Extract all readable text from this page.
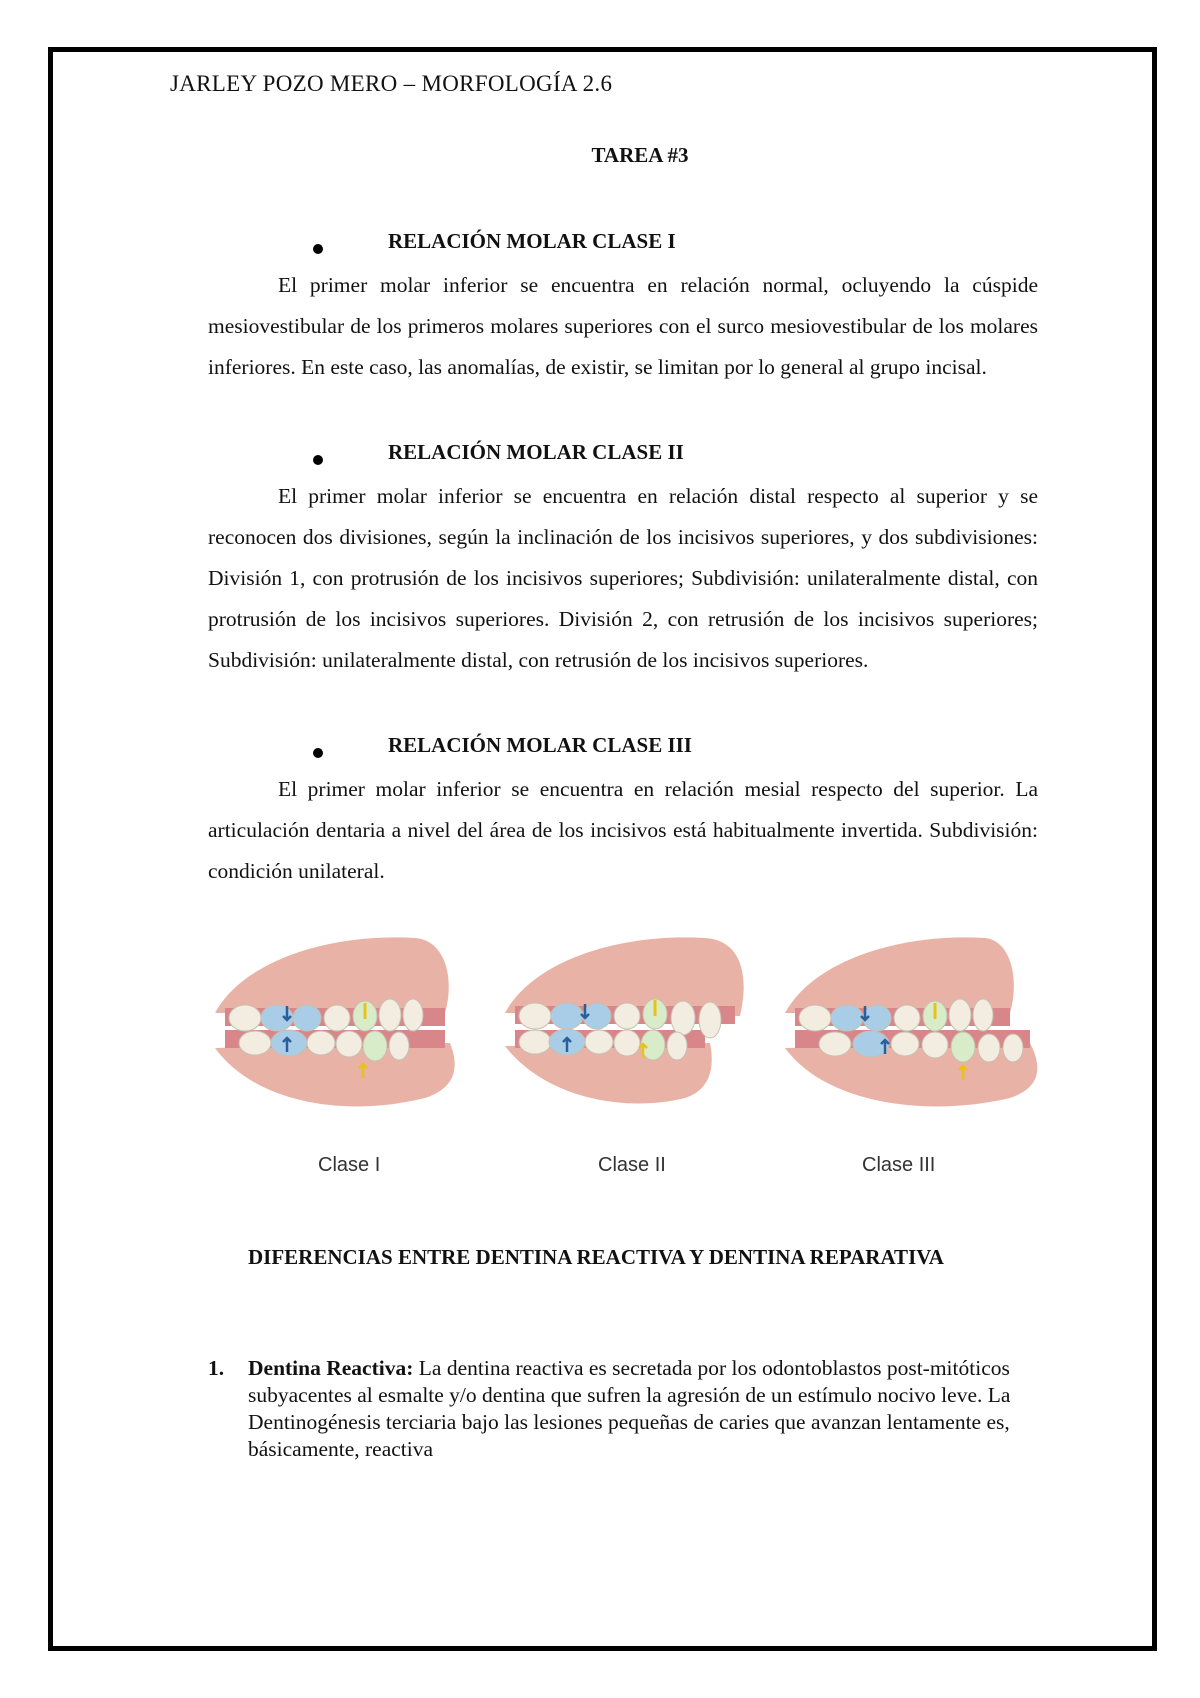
JARLEY POZO MERO – MORFOLOGÍA 2.6
TAREA #3
RELACIÓN MOLAR CLASE I
El primer molar inferior se encuentra en relación normal, ocluyendo la cúspide mesiovestibular de los primeros molares superiores con el surco mesiovestibular de los molares inferiores. En este caso, las anomalías, de existir, se limitan por lo general al grupo incisal.
RELACIÓN MOLAR CLASE II
El primer molar inferior se encuentra en relación distal respecto al superior y se reconocen dos divisiones, según la inclinación de los incisivos superiores, y dos subdivisiones: División 1, con protrusión de los incisivos superiores; Subdivisión: unilateralmente distal, con protrusión de los incisivos superiores. División 2, con retrusión de los incisivos superiores; Subdivisión: unilateralmente distal, con retrusión de los incisivos superiores.
RELACIÓN MOLAR CLASE III
El primer molar inferior se encuentra en relación mesial respecto del superior. La articulación dentaria a nivel del área de los incisivos está habitualmente invertida. Subdivisión: condición unilateral.
Clase I	Clase II	Clase III
DIFERENCIAS ENTRE DENTINA REACTIVA Y DENTINA REPARATIVA
1. Dentina Reactiva: La dentina reactiva es secretada por los odontoblastos post-mitóticos subyacentes al esmalte y/o dentina que sufren la agresión de un estímulo nocivo leve. La Dentinogénesis terciaria bajo las lesiones pequeñas de caries que avanzan lentamente es, básicamente, reactiva
